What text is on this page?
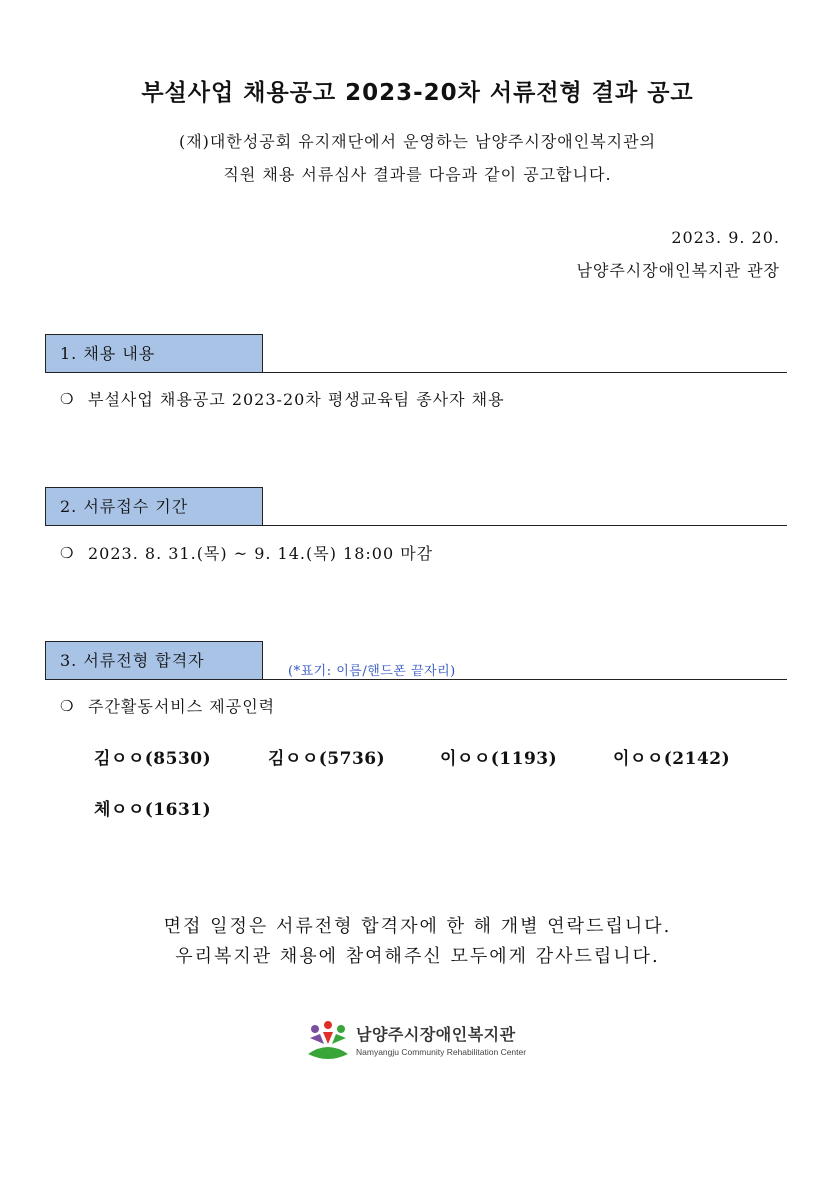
부설사업 채용공고 2023-20차 서류전형 결과 공고
(재)대한성공회 유지재단에서 운영하는 남양주시장애인복지관의
직원 채용 서류심사 결과를 다음과 같이 공고합니다.
2023. 9. 20.
남양주시장애인복지관 관장
1. 채용 내용
❍ 부설사업 채용공고 2023-20차 평생교육팀 종사자 채용
2. 서류접수 기간
❍ 2023. 8. 31.(목) ~ 9. 14.(목) 18:00 마감
3. 서류전형 합격자
(*표기: 이름/핸드폰 끝자리)
❍ 주간활동서비스 제공인력
김ㅇㅇ(8530)	김ㅇㅇ(5736)	이ㅇㅇ(1193)	이ㅇㅇ(2142)
체ㅇㅇ(1631)
면접 일정은 서류전형 합격자에 한 해 개별 연락드립니다.
우리복지관 채용에 참여해주신 모두에게 감사드립니다.
남양주시장애인복지관
Namyangju Community Rehabilitation Center
